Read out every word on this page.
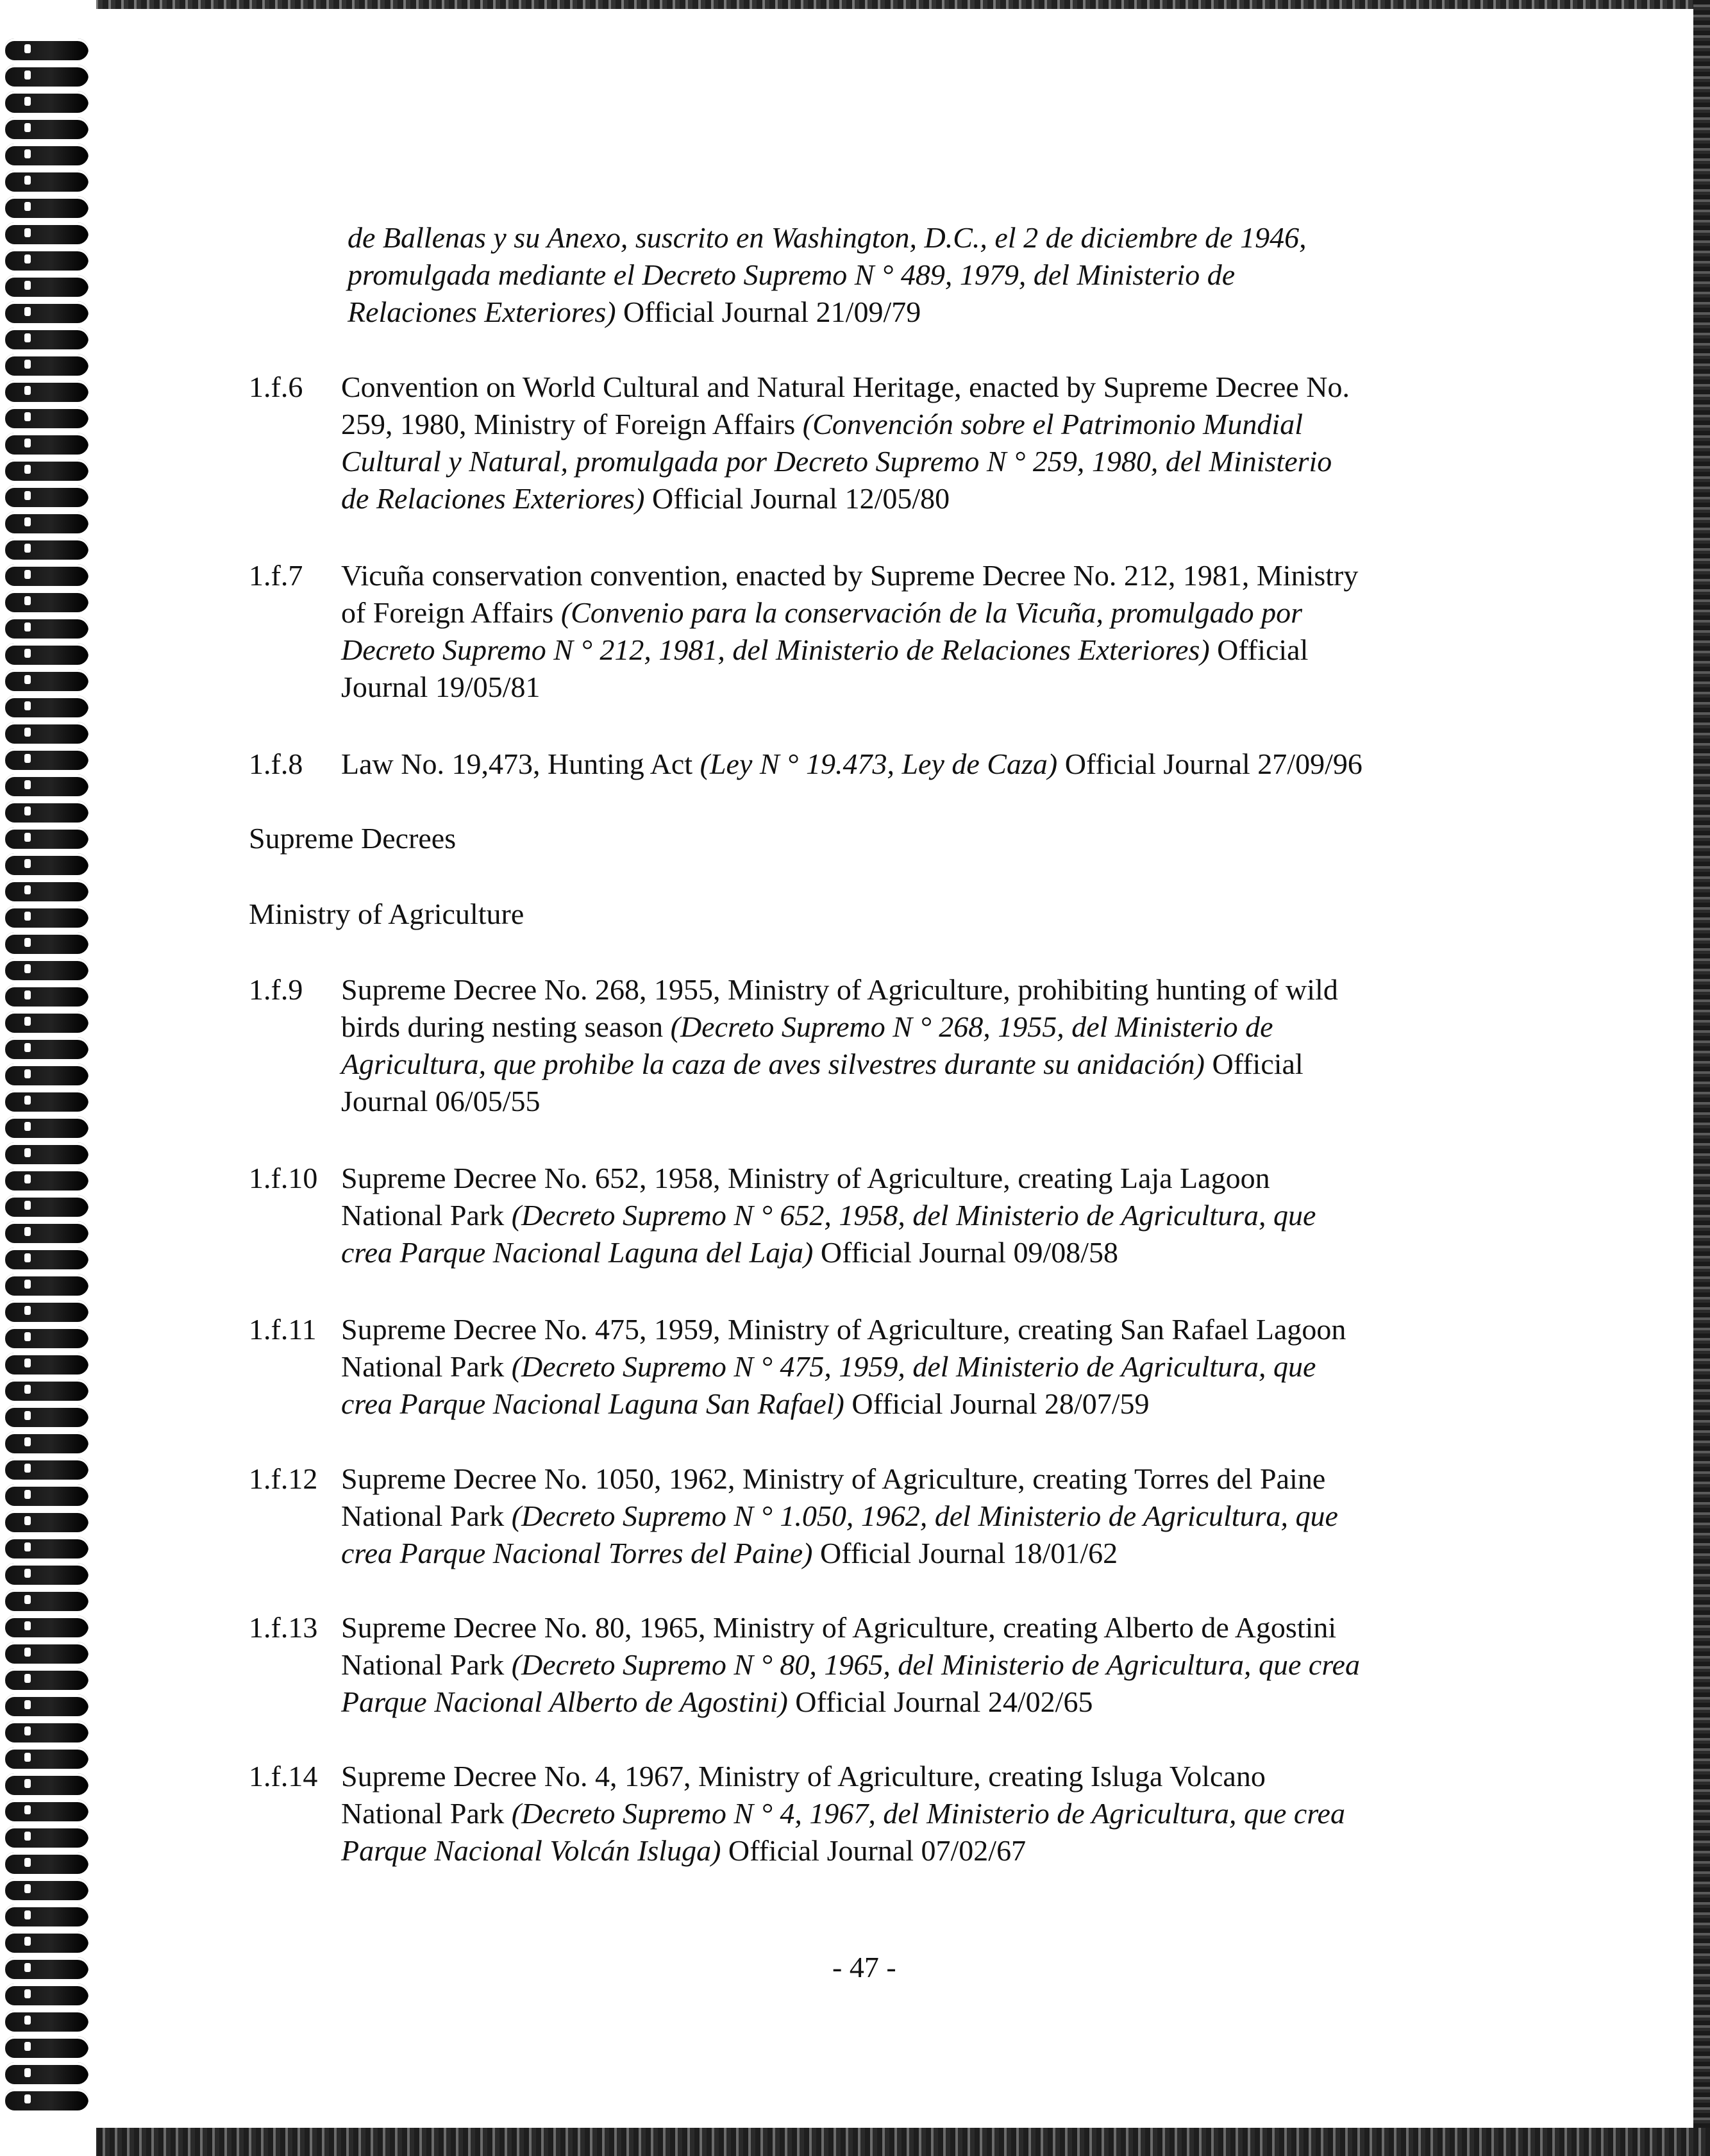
de Ballenas y su Anexo, suscrito en Washington, D.C., el 2 de diciembre de 1946,

promulgada mediante el Decreto Supremo N ° 489, 1979, del Ministerio de

Relaciones Exteriores) Official Journal 21/09/79

1.f.6 Convention on World Cultural and Natural Heritage, enacted by Supreme Decree No.

259, 1980, Ministry of Foreign Affairs (Convención sobre el Patrimonio Mundial

Cultural y Natural, promulgada por Decreto Supremo N ° 259, 1980, del Ministerio

de Relaciones Exteriores) Official Journal 12/05/80

1.f.7 Vicuña conservation convention, enacted by Supreme Decree No. 212, 1981, Ministry

of Foreign Affairs (Convenio para la conservación de la Vicuña, promulgado por

Decreto Supremo N ° 212, 1981, del Ministerio de Relaciones Exteriores) Official

Journal 19/05/81

1.f.8 Law No. 19,473, Hunting Act (Ley N ° 19.473, Ley de Caza) Official Journal 27/09/96

Supreme Decrees
Ministry of Agriculture
1.f.9 Supreme Decree No. 268, 1955, Ministry of Agriculture, prohibiting hunting of wild

birds during nesting season (Decreto Supremo N ° 268, 1955, del Ministerio de

Agricultura, que prohibe la caza de aves silvestres durante su anidación) Official

Journal 06/05/55

1.f.10 Supreme Decree No. 652, 1958, Ministry of Agriculture, creating Laja Lagoon

National Park (Decreto Supremo N ° 652, 1958, del Ministerio de Agricultura, que

crea Parque Nacional Laguna del Laja) Official Journal 09/08/58

1.f.11 Supreme Decree No. 475, 1959, Ministry of Agriculture, creating San Rafael Lagoon

National Park (Decreto Supremo N ° 475, 1959, del Ministerio de Agricultura, que

crea Parque Nacional Laguna San Rafael) Official Journal 28/07/59

1.f.12 Supreme Decree No. 1050, 1962, Ministry of Agriculture, creating Torres del Paine

National Park (Decreto Supremo N ° 1.050, 1962, del Ministerio de Agricultura, que

crea Parque Nacional Torres del Paine) Official Journal 18/01/62

1.f.13 Supreme Decree No. 80, 1965, Ministry of Agriculture, creating Alberto de Agostini

National Park (Decreto Supremo N ° 80, 1965, del Ministerio de Agricultura, que crea

Parque Nacional Alberto de Agostini) Official Journal 24/02/65

1.f.14 Supreme Decree No. 4, 1967, Ministry of Agriculture, creating Isluga Volcano

National Park (Decreto Supremo N ° 4, 1967, del Ministerio de Agricultura, que crea

Parque Nacional Volcán Isluga) Official Journal 07/02/67

- 47 -
